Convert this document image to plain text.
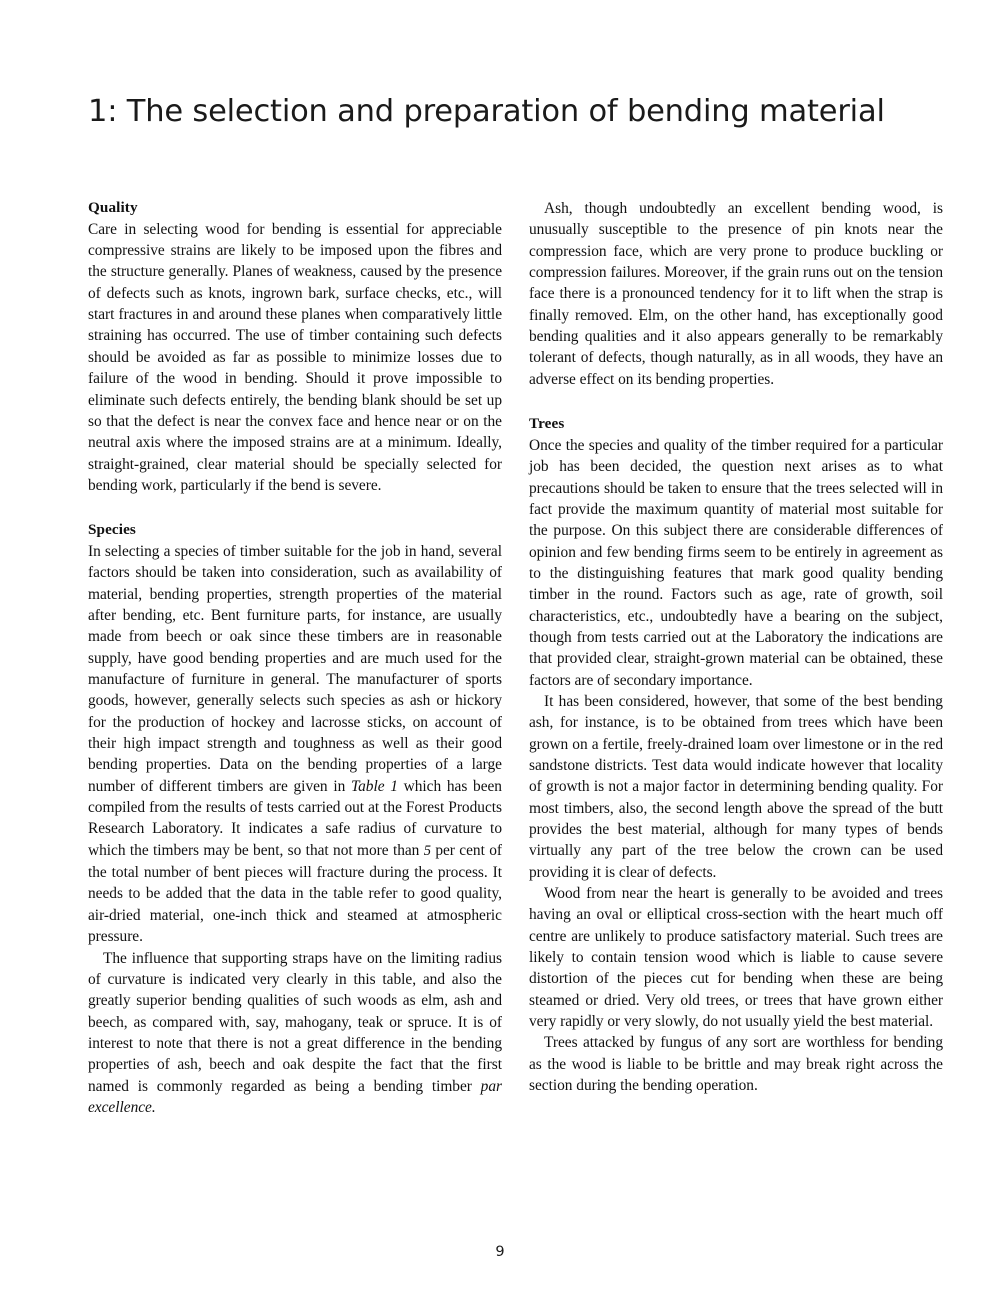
1: The selection and preparation of bending material
Quality

Care in selecting wood for bending is essential for appreciable compressive strains are likely to be imposed upon the fibres and the structure generally. Planes of weakness, caused by the presence of defects such as knots, ingrown bark, surface checks, etc., will start fractures in and around these planes when comparatively little straining has occurred. The use of timber containing such defects should be avoided as far as possible to minimize losses due to failure of the wood in bending. Should it prove impossible to eliminate such defects entirely, the bending blank should be set up so that the defect is near the convex face and hence near or on the neutral axis where the imposed strains are at a minimum. Ideally, straight-grained, clear material should be specially selected for bending work, particularly if the bend is severe.

Species

In selecting a species of timber suitable for the job in hand, several factors should be taken into consideration, such as availability of material, bending properties, strength properties of the material after bending, etc. Bent furniture parts, for instance, are usually made from beech or oak since these timbers are in reasonable supply, have good bending properties and are much used for the manufacture of furniture in general. The manufacturer of sports goods, however, generally selects such species as ash or hickory for the production of hockey and lacrosse sticks, on account of their high impact strength and toughness as well as their good bending properties. Data on the bending properties of a large number of different timbers are given in Table 1 which has been compiled from the results of tests carried out at the Forest Products Research Laboratory. It indicates a safe radius of curvature to which the timbers may be bent, so that not more than 5 per cent of the total number of bent pieces will fracture during the process. It needs to be added that the data in the table refer to good quality, air-dried material, one-inch thick and steamed at atmospheric pressure.

The influence that supporting straps have on the limiting radius of curvature is indicated very clearly in this table, and also the greatly superior bending qualities of such woods as elm, ash and beech, as compared with, say, mahogany, teak or spruce. It is of interest to note that there is not a great difference in the bending properties of ash, beech and oak despite the fact that the first named is commonly regarded as being a bending timber par excellence.

Ash, though undoubtedly an excellent bending wood, is unusually susceptible to the presence of pin knots near the compression face, which are very prone to produce buckling or compression failures. Moreover, if the grain runs out on the tension face there is a pronounced tendency for it to lift when the strap is finally removed. Elm, on the other hand, has exceptionally good bending qualities and it also appears generally to be remarkably tolerant of defects, though naturally, as in all woods, they have an adverse effect on its bending properties.

Trees

Once the species and quality of the timber required for a particular job has been decided, the question next arises as to what precautions should be taken to ensure that the trees selected will in fact provide the maximum quantity of material most suitable for the purpose. On this subject there are considerable differences of opinion and few bending firms seem to be entirely in agreement as to the distinguishing features that mark good quality bending timber in the round. Factors such as age, rate of growth, soil characteristics, etc., undoubtedly have a bearing on the subject, though from tests carried out at the Laboratory the indications are that provided clear, straight-grown material can be obtained, these factors are of secondary importance.

It has been considered, however, that some of the best bending ash, for instance, is to be obtained from trees which have been grown on a fertile, freely-drained loam over limestone or in the red sandstone districts. Test data would indicate however that locality of growth is not a major factor in determining bending quality. For most timbers, also, the second length above the spread of the butt provides the best material, although for many types of bends virtually any part of the tree below the crown can be used providing it is clear of defects.

Wood from near the heart is generally to be avoided and trees having an oval or elliptical cross-section with the heart much off centre are unlikely to produce satisfactory material. Such trees are likely to contain tension wood which is liable to cause severe distortion of the pieces cut for bending when these are being steamed or dried. Very old trees, or trees that have grown either very rapidly or very slowly, do not usually yield the best material.

Trees attacked by fungus of any sort are worthless for bending as the wood is liable to be brittle and may break right across the section during the bending operation.

9
